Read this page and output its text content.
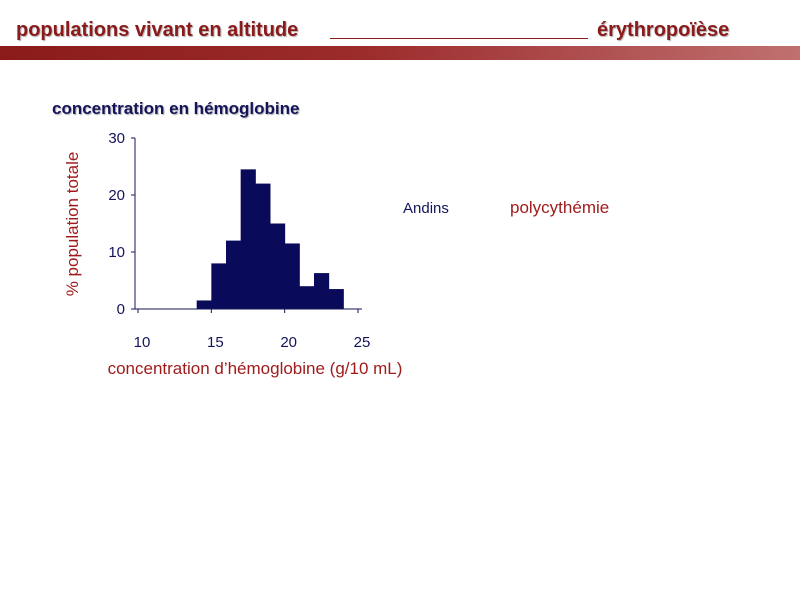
populations vivant en altitude	érythropoïèse
concentration en hémoglobine
0
10
20
30
10	15	20	25
% population totale
concentration d’hémoglobine (g/10 mL)
Andins	polycythémie
